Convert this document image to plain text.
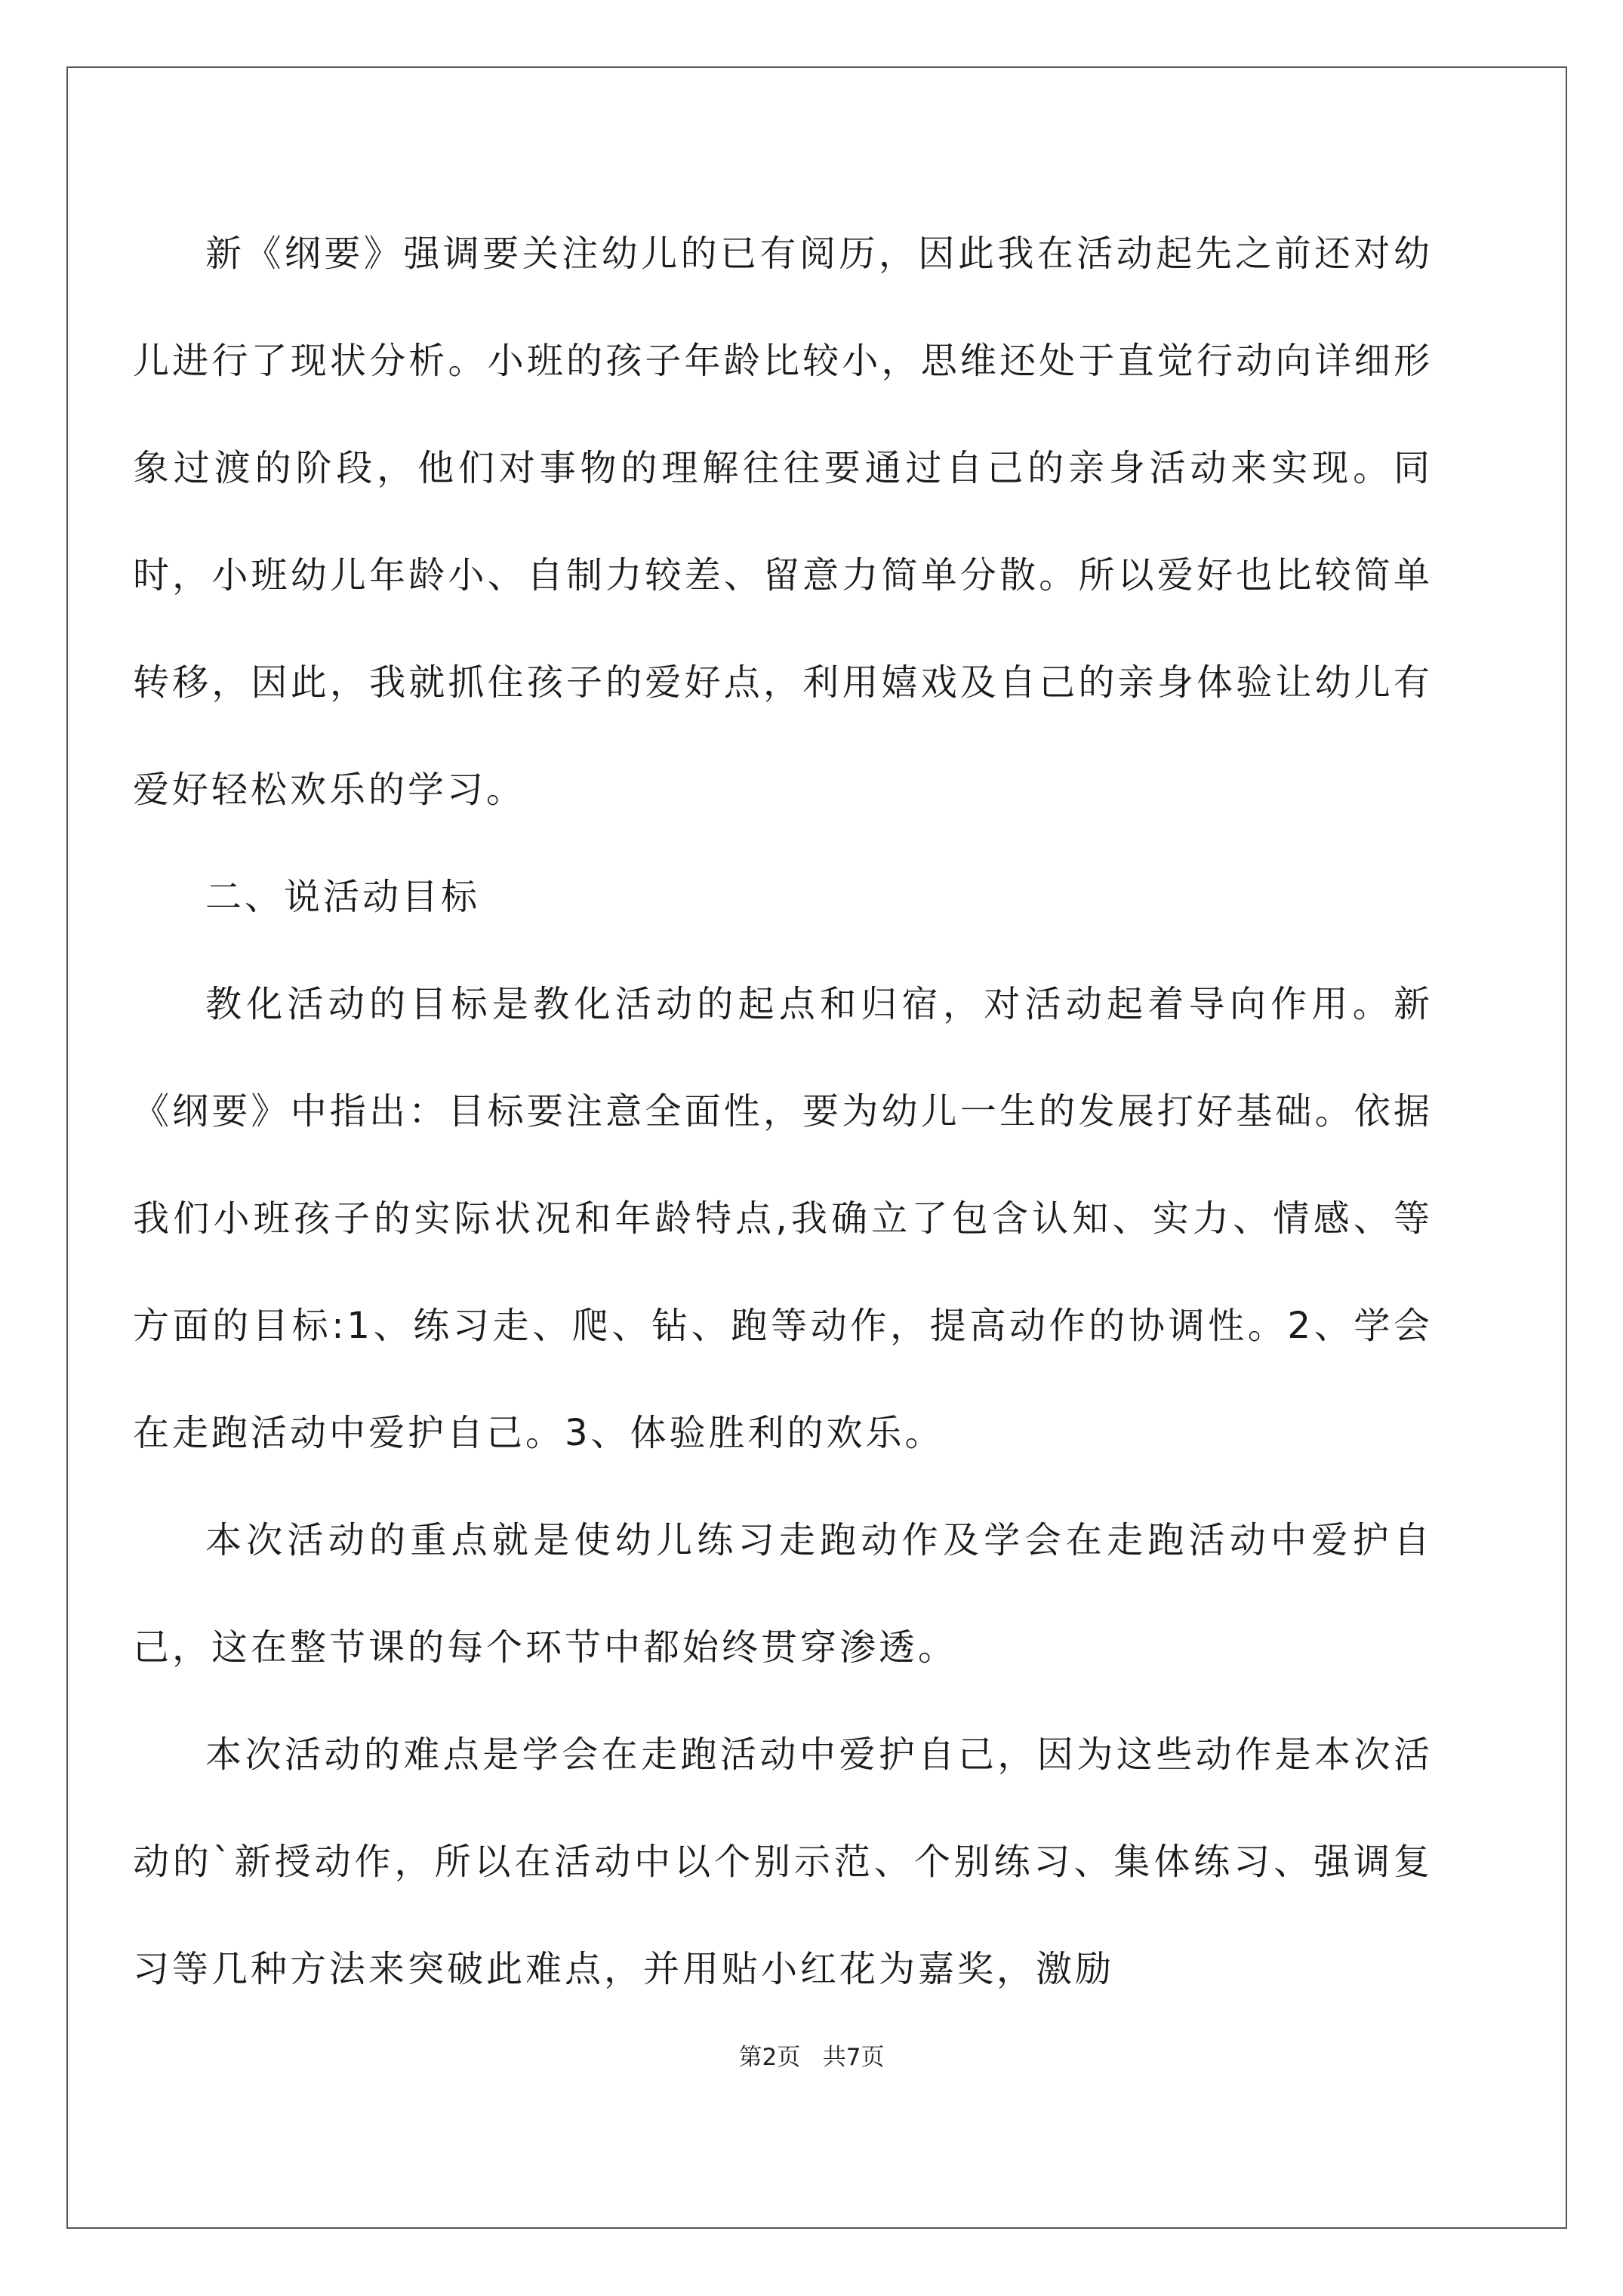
新《纲要》强调要关注幼儿的已有阅历，因此我在活动起先之前还对幼儿进行了现状分析。小班的孩子年龄比较小，思维还处于直觉行动向详细形象过渡的阶段，他们对事物的理解往往要通过自己的亲身活动来实现。同时，小班幼儿年龄小、自制力较差、留意力简单分散。所以爱好也比较简单转移，因此，我就抓住孩子的爱好点，利用嬉戏及自己的亲身体验让幼儿有爱好轻松欢乐的学习。

二、说活动目标

教化活动的目标是教化活动的起点和归宿，对活动起着导向作用。新《纲要》中指出：目标要注意全面性，要为幼儿一生的发展打好基础。依据我们小班孩子的实际状况和年龄特点,我确立了包含认知、实力、情感、等方面的目标:1、练习走、爬、钻、跑等动作，提高动作的协调性。2、学会在走跑活动中爱护自己。3、体验胜利的欢乐。

本次活动的重点就是使幼儿练习走跑动作及学会在走跑活动中爱护自己，这在整节课的每个环节中都始终贯穿渗透。

本次活动的难点是学会在走跑活动中爱护自己，因为这些动作是本次活动的`新授动作，所以在活动中以个别示范、个别练习、集体练习、强调复习等几种方法来突破此难点，并用贴小红花为嘉奖，激励

第2页 共7页
